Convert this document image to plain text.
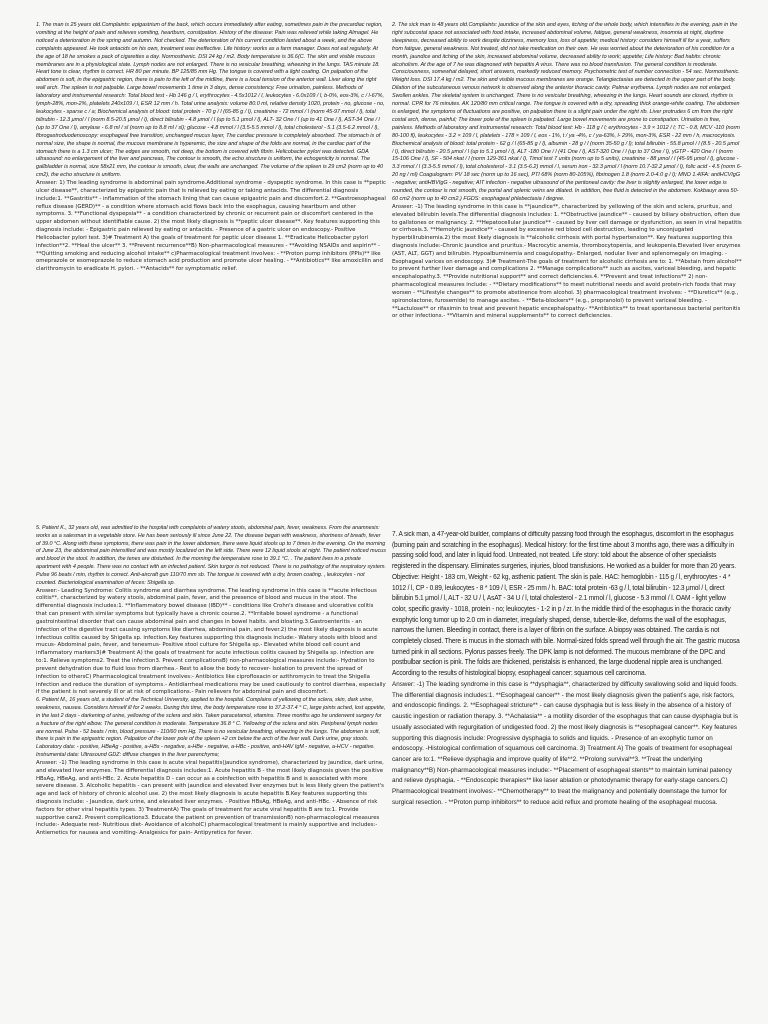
1. The man is 25 years old.Complaints: epigastrium of the back, which occurs immediately after eating, sometimes pain in the precardiac region, vomiting at the height of pain and relieves vomiting, heartburn, constipation. History of the disease: Pain was relieved while taking Almagel. He noticed a deterioration in the spring and autumn. Not checked. The deterioration of his current condition lasted about a week, and the above complaints appeared. He took antacids on his own, treatment was ineffective. Life history: works as a farm manager. Does not eat regularly. At the age of 18 he smokes a pack of cigarettes a day. Normosthenic. DSI 24 kg / m2. Body temperature is 36.6(C. The skin and visible mucous membranes are in a physiological state. Lymph nodes are not enlarged. There is no vesicular breathing, wheezing in the lungs. TAS minute 18. Heart tone is clear, rhythm is correct. HR 80 per minute. BP 125/85 mm Hg. The tongue is covered with a light coating. On palpation of the abdomen is soft, in the epigastric region, there is pain to the left of the midline, there is a local tension of the anterior wall. Liver along the right wall arch. The spleen is not palpable. Large bowel movements 1 time in 3 days, dense consistency. Free urination, painless. Methods of laboratory and instrumental research: Total blood test - Hb 146 g / l, erythrocytes - 4.5x1012 / l, leukocytes - 6.0x109 / l, b-0%, eos-3%, c / l-67%, lymph-28%, mon-2%, platelets 240x109 / l, ESR 12 mm / h. Total urine analysis: volume 80.0 ml, relative density 1020, protein - no, glucose - no, leukocytes - sparse c / a; Biochemical analysis of blood: total protein - 70 g / l (65-85 g / l), creatinine - 72 mmol / l (norm 45-97 mmol / l), total bilirubin - 12.3 μmol / l (norm 8.5-20.5 μmol / l), direct bilirubin - 4.8 μmol / l (up to 5.1 μmol / l), ALT- 32 One / l (up to 41 One / l), AST-34 One / l (up to 37 One / l), amylase - 6.8 ml / sl (norm up to 8.8 ml / sl); glucose - 4.8 mmol / l (3.5-5.5 mmol / l), total cholesterol - 5.1 (3.5-6.2 mmol / l), fibrogastroduodenoscopy: esophageal free transition, unchanged mucus layer, The cardiac pressure is completely absorbed. The stomach is of normal size, the shape is normal, the mucous membrane is hyperemic, the size and shape of the folds are normal, in the cardiac part of the stomach there is a 1.3 cm ulcer; The edges are smooth, not deep, the bottom is covered with fibrin. Helicobacter pylori was detected. GDA ultrasound: no enlargement of the liver and pancreas, The contour is smooth, the echo structure is uniform, the echogenicity is normal. The gallbladder is normal, size 58x21 mm, the contour is smooth, clear, the walls are unchanged. The volume of the spleen is 29 cm2 (norm up to 40 cm2), the echo structure is uniform.

Answer: 1) The leading syndrome is abdominal pain syndrome.Additional syndrome - dyspeptic syndrome. In this case is **peptic ulcer disease**, characterized by epigastric pain that is relieved by eating or taking antacids. The differential diagnosis include:1. **Gastritis** - inflammation of the stomach lining that can cause epigastric pain and discomfort.2. **Gastroesophageal reflux disease (GERD)** - a condition where stomach acid flows back into the esophagus, causing heartburn and other symptoms. 3. **Functional dyspepsia** - a condition characterized by chronic or recurrent pain or discomfort centered in the upper abdomen without identifiable cause. 2) the most likely diagnosis is **peptic ulcer disease**. Key features supporting this diagnosis include: - Epigastric pain relieved by eating or antacids. - Presence of a gastric ulcer on endoscopy.- Positive Helicobacter pylori test. 3)# Treatment A) the goals of treatment for peptic ulcer disease 1. **Eradicate Helicobacter pylori infection**2. **Heal the ulcer** 3. **Prevent recurrence**B) Non-pharmacological measures - **Avoiding NSAIDs and aspirin** -**Quitting smoking and reducing alcohol intake** c)Pharmacological treatment involves: - **Proton pump inhibitors (PPIs)** like omeprazole or esomeprazole to reduce stomach acid production and promote ulcer healing. - **Antibiotics** like amoxicillin and clarithromycin to eradicate H. pylori. - **Antacids** for symptomatic relief.

2. The sick man is 48 years old.Complaints: jaundice of the skin and eyes, itching of the whole body, which intensifies in the evening, pain in the right subcostal space not associated with food intake, increased abdominal volume, fatigue, general weakness, insomnia at night, daytime sleepiness, decreased ability to work despite dizziness, memory loss, loss of appetite; medical history: considers himself ill for a year, suffers from fatigue, general weakness. Not treated, did not take medication on their own. He was worried about the deterioration of his condition for a month, jaundice and itching of the skin, increased abdominal volume, decreased ability to work; appetite; Life history: Bad habits: chronic alcoholism. At the age of 7 he was diagnosed with hepatitis A virus. There was no blood transfusion. The general condition is moderate. Consciousness, somewhat delayed, short answers, markedly reduced memory. Psychometric test of number connection - 54 sec. Normosthenic. Weight loss. DSI 17.4 kg / m2. The skin and visible mucous membranes are orange. Telangiectasias are detected in the upper part of the body. Dilation of the subcutaneous venous network is observed along the anterior thoracic cavity. Palmar erythema. Lymph nodes are not enlarged. Swollen ankles. The skeletal system is unchanged. There is no vesicular breathing, wheezing in the lungs. Heart sounds are closed, rhythm is normal. CPR for 76 minutes. AK 120/80 mm critical range. The tongue is covered with a dry, spreading thick orange-white coating. The abdomen is enlarged, the symptoms of fluctuations are positive, on palpation there is a slight pain under the right rib. Liver protrudes 6 cm from the right costal arch, dense, painful; The lower pole of the spleen is palpated. Large bowel movements are prone to constipation. Urination is free, painless. Methods of laboratory and instrumental research: Total blood test: Hb - 118 g / l; erythrocytes - 3.9 × 1012 / l; TC - 0.8, MCV -110 (norm 80-100 fl), leukocytes - 3.2 × 109 / l, platelets - 178 × 109 / l, eos - 1%, t / ya -4%, c / ya-63%, l- 29%, mon-3%, ESR - 22 mm / h, macrocytosis. Biochemical analysis of blood: total protein - 62 g / l (65-85 g / l), albumin - 28 g / l (norm 35-50 g / l); total bilirubin - 55.8 μmol / l (8.5 - 20.5 μmol / l), direct bilirubin - 20.5 μmol / l (up to 5.1 μmol / l), ALT -180 One / l (41 One / l), AST-320 One / l (up to 37 One / l), γGTP - 420 One / l (norm 15-106 One / l), SF - 504 nkat / l (norm 129-361 nkat / l), Timol test 7 units (norm up to 5 units), creatinine - 88 μmol / l (45-95 μmol / l), glucose - 3.3 mmol / l (3.3-5.5 mmol / l), total cholesterol - 3.1 (3.5-6.2) mmol / l, serum iron - 32.3 μmol / l (norm 10.7-32.2 μmol / l), folic acid - 4.5 (norm 6-20 ng / ml) Coagulogram: PV 18 sec (norm up to 16 sec), PTI 68% (norm 80-105%), fibrinogen 1.8 (norm 2.0-4.0 g / l); MNO 1.4IFA: antiHCVIgG - negative; antiHBVIgG - negative; AIT infection - negative ultrasound of the peritoneal cavity: the liver is slightly enlarged, the lower edge is rounded, the contour is not smooth, the portal and splenic veins are dilated. In addition, free fluid is detected in the abdomen. Kokbauyr area 50-60 cm2 (norm up to 40 cm2.) FGDS: esophageal phlebectasia I degree.

Answer: -1) The leading syndrome in this case is **jaundice**, characterized by yellowing of the skin and sclera, pruritus, and elevated bilirubin levels.The differential diagnosis includes: 1. **Obstructive jaundice** - caused by biliary obstruction, often due to gallstones or malignancy. 2. **Hepatocellular jaundice** - caused by liver cell damage or dysfunction, as seen in viral hepatitis or cirrhosis.3. **Hemolytic jaundice** - caused by excessive red blood cell destruction, leading to unconjugated hyperbilirubinemia.2) the most likely diagnosis is **alcoholic cirrhosis with portal hypertension**. Key features supporting this diagnosis include:-Chronic jaundice and pruritus.- Macrocytic anemia, thrombocytopenia, and leukopenia.Elevated liver enzymes (AST, ALT, GGT) and bilirubin. Hypoalbuminemia and coagulopathy.- Enlarged, nodular liver and splenomegaly on imaging. - Esophageal varices on endoscopy. 3)# Treatment-The goals of treatment for alcoholic cirrhosis are to: 1. **Abstain from alcohol** to prevent further liver damage and complications 2. **Manage complications** such as ascites, variceal bleeding, and hepatic encephalopathy.3. **Provide nutritional support** and correct deficiencies.4. **Prevent and treat infections** 2) non-pharmacological measures include: - **Dietary modifications** to meet nutritional needs and avoid protein-rich foods that may worsen - **Lifestyle changes** to promote abstinence from alcohol. 3) pharmacological treatment involves: - **Diuretics** (e.g., spironolactone, furosemide) to manage ascites. - **Beta-blockers** (e.g., propranolol) to prevent variceal bleeding. - **Lactulose** or rifaximin to treat and prevent hepatic encephalopathy.- **Antibiotics** to treat spontaneous bacterial peritonitis or other infections.- **Vitamin and mineral supplements** to correct deficiencies.

5. Patient K., 32 years old, was admitted to the hospital with complaints of watery stools, abdominal pain, fever, weakness. From the anamnesis: works as a salesman in a vegetable store. He has been seriously ill since June 22. The disease began with weakness, shortness of breath, fever of 39.0 °C. Along with these symptoms, there was pain in the lower abdomen, there were liquid stools up to 7 times in the evening. On the morning of June 23, the abdominal pain intensified and was mostly localized on the left side. There were 12 liquid stools at night. The patient noticed mucus and blood in the stool. In addition, the tenes are disturbed. In the morning the temperature rose to 39.1 °C. . The patient lives in a private apartment with 4 people. There was no contact with an infected patient. Skin turgor is not reduced. There is no pathology of the respiratory system. Pulse 96 beats / min, rhythm is correct. Anti-aircraft gun 110/70 mm sb. The tongue is covered with a dry, brown coating. , leukocytes - not counted. Bacteriological examination of feces: Shigella sp.

Answer:- Leading Syndrome: Colitis syndrome and diarrhea syndrome. The leading syndrome in this case is **acute infectious colitis**, characterized by watery stools, abdominal pain, fever, and the presence of blood and mucus in the stool. The differential diagnosis includes:1. **Inflammatory bowel disease (IBD)** - conditions like Crohn's disease and ulcerative colitis that can present with similar symptoms but typically have a chronic course.2. **Irritable bowel syndrome - a functional gastrointestinal disorder that can cause abdominal pain and changes in bowel habits. and bloating.3.Gastroenteritis - an infection of the digestive tract causing symptoms like diarrhea, abdominal pain, and fever.2) the most likely diagnosis is acute infectious colitis caused by Shigella sp. infection.Key features supporting this diagnosis include:- Watery stools with blood and mucus- Abdominal pain, fever, and tenesmus- Positive stool culture for Shigella sp.- Elevated white blood cell count and inflammatory markers3)# Treatment A) the goals of treatment for acute infectious colitis caused by Shigella sp. infection are to:1. Relieve symptoms2. Treat the infection3. Prevent complicationsB) non-pharmacological measures include:- Hydration to prevent dehydration due to fluid loss from diarrhea.- Rest to allow the body to recover- Isolation to prevent the spread of infection to othersC) Pharmacological treatment involves:- Antibiotics like ciprofloxacin or azithromycin to treat the Shigella infection and reduce the duration of symptoms.- Antidiarrheal medications may be used cautiously to control diarrhea, especially if the patient is not severely ill or at risk of complications.- Pain relievers for abdominal pain and discomfort.

6. Patient M., 16 years old, a student of the Technical University, applied to the hospital. Complains of yellowing of the sclera, skin, dark urine, weakness, nausea. Considers himself ill for 2 weeks. During this time, the body temperature rose to 37.2-37.4 ° C, large joints ached, lost appetite, in the last 2 days - darkening of urine, yellowing of the sclera and skin. Taken paracetamol, vitamins. Three months ago he underwent surgery for a fracture of the right elbow. The general condition is moderate. Temperature 36.8 ° C. Yellowing of the sclera and skin. Peripheral lymph nodes are normal. Pulse - 52 beats / min, blood pressure - 110/60 mm Hg. There is no vesicular breathing, wheezing in the lungs. The abdomen is soft, there is pain in the epigastric region. Palpation of the lower pole of the spleen +2 cm below the arch of the liver wall. Dark urine, gray stools. Laboratory data: - positive, HBeAg - positive, a-HBs - negative, a-HBe - negative, a-HBc - positive, anti-HAV IgM - negative, a-HCV - negative. Instrumental data: Ultrasound GDZ: diffuse changes in the liver parenchyma;

Answer: -1) The leading syndrome in this case is acute viral hepatitis(jaundice syndrome), characterized by jaundice, dark urine, and elevated liver enzymes. The differential diagnosis includes:1. Acute hepatitis B - the most likely diagnosis given the positive HBsAg, HBeAg, and anti-HBc. 2. Acute hepatitis D - can occur as a coinfection with hepatitis B and is associated with more severe disease. 3. Alcoholic hepatitis - can present with jaundice and elevated liver enzymes but is less likely given the patient's age and lack of history of chronic alcohol use. 2) the most likely diagnosis is acute hepatitis B.Key features supporting this diagnosis include: - Jaundice, dark urine, and elevated liver enzymes. - Positive HBsAg, HBeAg, and anti-HBc. - Absence of risk factors for other viral hepatitis types. 3) TreatmentA) The goals of treatment for acute viral hepatitis B are to:1. Provide supportive care2. Prevent complications3. Educate the patient on prevention of transmissionB) non-pharmacological measures include:- Adequate rest- Nutritious diet- Avoidance of alcoholC) pharmacological treatment is mainly supportive and includes:- Antiemetics for nausea and vomiting- Analgesics for pain- Antipyretics for fever.

7. A sick man, a 47-year-old builder, complains of difficulty passing food through the esophagus, discomfort in the esophagus (burning pain and scratching in the esophagus). Medical history: for the first time about 3 months ago, there was a difficulty in passing solid food, and later in liquid food. Untreated, not treated. Life story: told about the absence of other specialists registered in the dispensary. Eliminates surgeries, injuries, blood transfusions. He worked as a builder for more than 20 years. Objective: Height - 183 cm, Weight - 62 kg, asthenic patient. The skin is pale. HAC: hemoglobin - 115 g / l, erythrocytes - 4 * 1012 / l, CP - 0.89, leukocytes - 8 * 109 / l, ESR - 25 mm / h. BAC: total protein -63 g / l, total bilirubin - 12.3 μmol / l, direct bilirubin 5.1 μmol / l, ALT - 32 U / l, AsAT - 34 U / l, total cholesterol - 2.1 mmol / l, glucose - 5.3 mmol / l. OAM - light yellow color, specific gravity - 1018, protein - no; leukocytes - 1-2 in p / zr. In the middle third of the esophagus in the thoracic cavity exophytic long tumor up to 2.0 cm in diameter, irregularly shaped, dense, tubercle-like, deforms the wall of the esophagus, narrows the lumen. Bleeding in contact, there is a layer of fibrin on the surface. A biopsy was obtained. The cardia is not completely closed. There is mucus in the stomach with bile. Normal-sized folds spread well through the air. The gastric mucosa turned pink in all sections. Pylorus passes freely. The DPK lamp is not deformed. The mucous membrane of the DPC and postbulbar section is pink. The folds are thickened, peristalsis is enhanced, the large duodenal nipple area is unchanged. According to the results of histological biopsy, esophageal cancer: squamous cell carcinoma.

Answer: -1) The leading syndrome in this case is **dysphagia**, characterized by difficulty swallowing solid and liquid foods. The differential diagnosis includes:1. **Esophageal cancer** - the most likely diagnosis given the patient's age, risk factors, and endoscopic findings. 2. **Esophageal stricture** - can cause dysphagia but is less likely in the absence of a history of caustic ingestion or radiation therapy. 3. **Achalasia** - a motility disorder of the esophagus that can cause dysphagia but is usually associated with regurgitation of undigested food. 2) the most likely diagnosis is **esophageal cancer**. Key features supporting this diagnosis include: Progressive dysphagia to solids and liquids. - Presence of an exophytic tumor on endoscopy. -Histological confirmation of squamous cell carcinoma. 3) Treatment A) The goals of treatment for esophageal cancer are to:1. **Relieve dysphagia and improve quality of life**2. **Prolong survival**3. **Treat the underlying malignancy**B) Non-pharmacological measures include:- **Placement of esophageal stents** to maintain luminal patency and relieve dysphagia. - **Endoscopic therapies** like laser ablation or photodynamic therapy for early-stage cancers.C) Pharmacological treatment involves:- **Chemotherapy** to treat the malignancy and potentially downstage the tumor for surgical resection. - **Proton pump inhibitors** to reduce acid reflux and promote healing of the esophageal mucosa.
